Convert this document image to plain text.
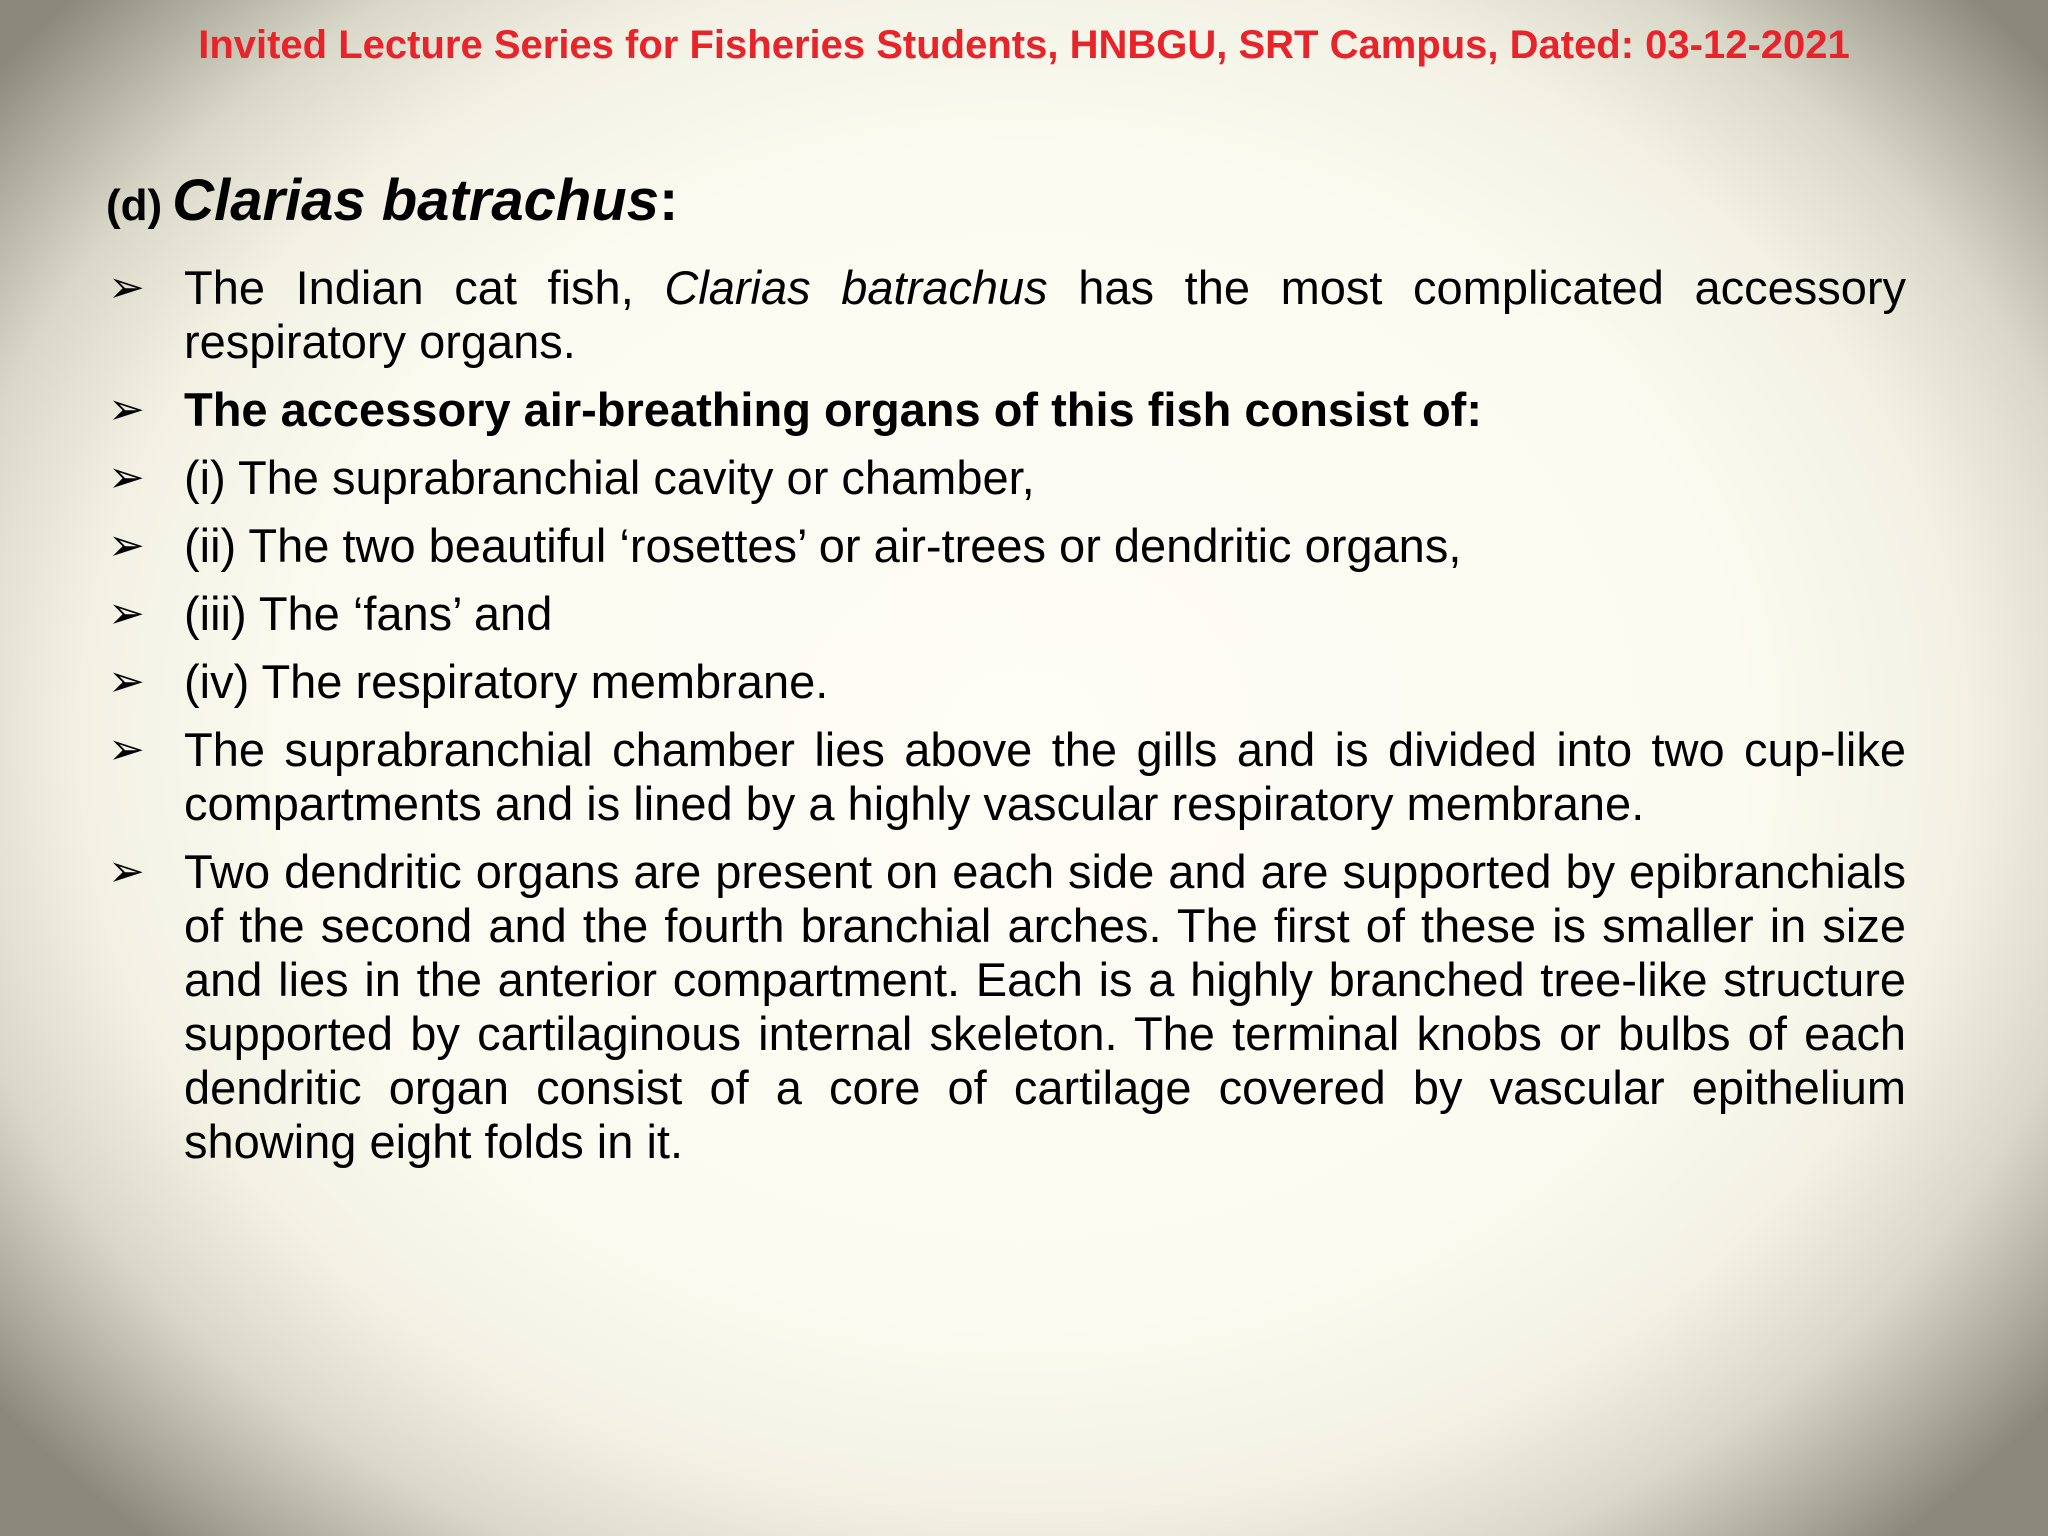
Invited Lecture Series for Fisheries Students, HNBGU, SRT Campus, Dated: 03-12-2021
(d) Clarias batrachus:
➢ The Indian cat fish, Clarias batrachus has the most complicated accessory respiratory organs.
➢ The accessory air-breathing organs of this fish consist of:
➢ (i) The suprabranchial cavity or chamber,
➢ (ii) The two beautiful ‘rosettes’ or air-trees or dendritic organs,
➢ (iii) The ‘fans’ and
➢ (iv) The respiratory membrane.
➢ The suprabranchial chamber lies above the gills and is divided into two cup-like compartments and is lined by a highly vascular respiratory membrane.
➢ Two dendritic organs are present on each side and are supported by epibranchials of the second and the fourth branchial arches. The first of these is smaller in size and lies in the anterior compartment. Each is a highly branched tree-like structure supported by cartilaginous internal skeleton. The terminal knobs or bulbs of each dendritic organ consist of a core of cartilage covered by vascular epithelium showing eight folds in it.
